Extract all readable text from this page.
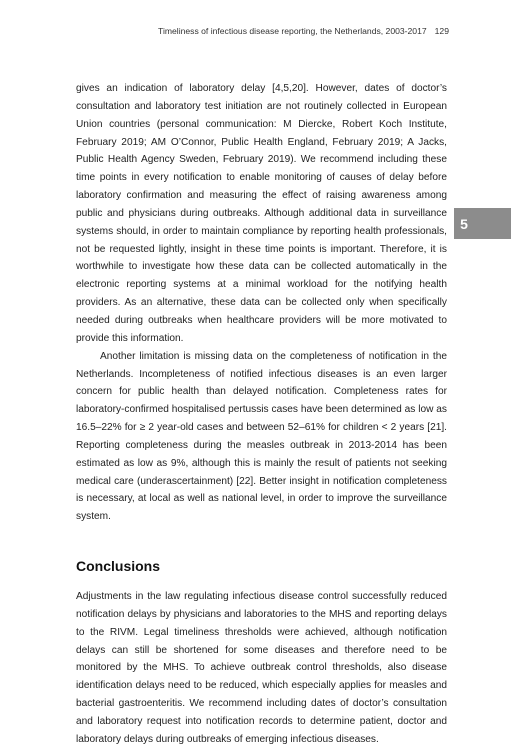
Timeliness of infectious disease reporting, the Netherlands, 2003-2017 129
5

gives an indication of laboratory delay [4,5,20]. However, dates of doctor’s consultation and laboratory test initiation are not routinely collected in European Union countries (personal communication: M Diercke, Robert Koch Institute, February 2019; AM O’Connor, Public Health England, February 2019; A Jacks, Public Health Agency Sweden, February 2019). We recommend including these time points in every notification to enable monitoring of causes of delay before laboratory confirmation and measuring the effect of raising awareness among public and physicians during outbreaks. Although additional data in surveillance systems should, in order to maintain compliance by reporting health professionals, not be requested lightly, insight in these time points is important. Therefore, it is worthwhile to investigate how these data can be collected automatically in the electronic reporting systems at a minimal workload for the notifying health providers. As an alternative, these data can be collected only when specifically needed during outbreaks when healthcare providers will be more motivated to provide this information.

Another limitation is missing data on the completeness of notification in the Netherlands. Incompleteness of notified infectious diseases is an even larger concern for public health than delayed notification. Completeness rates for laboratory-confirmed hospitalised pertussis cases have been determined as low as 16.5–22% for ≥ 2 year-old cases and between 52–61% for children < 2 years [21]. Reporting completeness during the measles outbreak in 2013-2014 has been estimated as low as 9%, although this is mainly the result of patients not seeking medical care (underascertainment) [22]. Better insight in notification completeness is necessary, at local as well as national level, in order to improve the surveillance system.

Conclusions

Adjustments in the law regulating infectious disease control successfully reduced notification delays by physicians and laboratories to the MHS and reporting delays to the RIVM. Legal timeliness thresholds were achieved, although notification delays can still be shortened for some diseases and therefore need to be monitored by the MHS. To achieve outbreak control thresholds, also disease identification delays need to be reduced, which especially applies for measles and bacterial gastroenteritis. We recommend including dates of doctor’s consultation and laboratory request into notification records to determine patient, doctor and laboratory delays during outbreaks of emerging infectious diseases.
